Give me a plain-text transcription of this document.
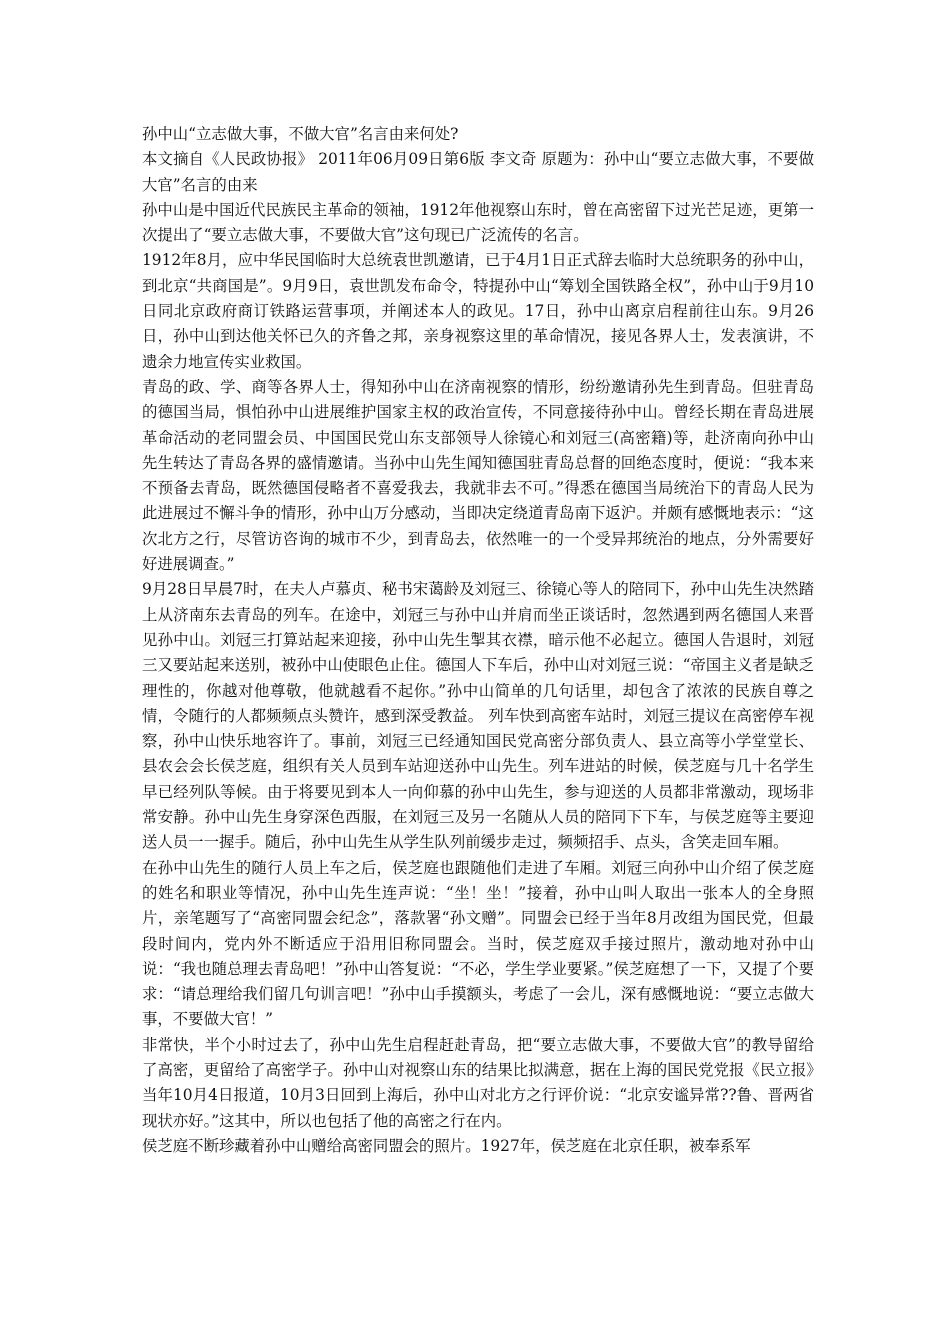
孙中山“立志做大事，不做大官”名言由来何处?

本文摘自《人民政协报》 2011年06月09日第6版 李文奇 原题为：孙中山“要立志做大事，不要做大官”名言的由来

孙中山是中国近代民族民主革命的领袖，1912年他视察山东时，曾在高密留下过光芒足迹，更第一次提出了“要立志做大事，不要做大官”这句现已广泛流传的名言。

1912年8月，应中华民国临时大总统袁世凯邀请，已于4月1日正式辞去临时大总统职务的孙中山，到北京“共商国是”。9月9日，袁世凯发布命令，特提孙中山“筹划全国铁路全权”，孙中山于9月10日同北京政府商订铁路运营事项，并阐述本人的政见。17日，孙中山离京启程前往山东。9月26日，孙中山到达他关怀已久的齐鲁之邦，亲身视察这里的革命情况，接见各界人士，发表演讲，不遗余力地宣传实业救国。

青岛的政、学、商等各界人士，得知孙中山在济南视察的情形，纷纷邀请孙先生到青岛。但驻青岛的德国当局，惧怕孙中山进展维护国家主权的政治宣传，不同意接待孙中山。曾经长期在青岛进展革命活动的老同盟会员、中国国民党山东支部领导人徐镜心和刘冠三(高密籍)等，赴济南向孙中山先生转达了青岛各界的盛情邀请。当孙中山先生闻知德国驻青岛总督的回绝态度时，便说：“我本来不预备去青岛，既然德国侵略者不喜爱我去，我就非去不可。”得悉在德国当局统治下的青岛人民为此进展过不懈斗争的情形，孙中山万分感动，当即决定绕道青岛南下返沪。并颇有感慨地表示：“这次北方之行，尽管访咨询的城市不少，到青岛去，依然唯一的一个受异邦统治的地点，分外需要好好进展调查。”

9月28日早晨7时，在夫人卢慕贞、秘书宋蔼龄及刘冠三、徐镜心等人的陪同下，孙中山先生决然踏上从济南东去青岛的列车。在途中，刘冠三与孙中山并肩而坐正谈话时，忽然遇到两名德国人来晋见孙中山。刘冠三打算站起来迎接，孙中山先生掣其衣襟，暗示他不必起立。德国人告退时，刘冠三又要站起来送别，被孙中山使眼色止住。德国人下车后，孙中山对刘冠三说：“帝国主义者是缺乏理性的，你越对他尊敬，他就越看不起你。”孙中山简单的几句话里，却包含了浓浓的民族自尊之情，令随行的人都频频点头赞许，感到深受教益。 列车快到高密车站时，刘冠三提议在高密停车视察，孙中山快乐地容许了。事前，刘冠三已经通知国民党高密分部负责人、县立高等小学堂堂长、县农会会长侯芝庭，组织有关人员到车站迎送孙中山先生。列车进站的时候，侯芝庭与几十名学生早已经列队等候。由于将要见到本人一向仰慕的孙中山先生，参与迎送的人员都非常激动，现场非常安静。孙中山先生身穿深色西服，在刘冠三及另一名随从人员的陪同下下车，与侯芝庭等主要迎送人员一一握手。随后，孙中山先生从学生队列前缓步走过，频频招手、点头，含笑走回车厢。

在孙中山先生的随行人员上车之后，侯芝庭也跟随他们走进了车厢。刘冠三向孙中山介绍了侯芝庭的姓名和职业等情况，孙中山先生连声说：“坐！坐！”接着，孙中山叫人取出一张本人的全身照片，亲笔题写了“高密同盟会纪念”，落款署“孙文赠”。同盟会已经于当年8月改组为国民党，但最段时间内，党内外不断适应于沿用旧称同盟会。当时，侯芝庭双手接过照片，激动地对孙中山说：“我也随总理去青岛吧！”孙中山答复说：“不必，学生学业要紧。”侯芝庭想了一下，又提了个要求：“请总理给我们留几句训言吧！”孙中山手摸额头，考虑了一会儿，深有感慨地说：“要立志做大事，不要做大官！”

非常快，半个小时过去了，孙中山先生启程赶赴青岛，把“要立志做大事，不要做大官”的教导留给了高密，更留给了高密学子。孙中山对视察山东的结果比拟满意，据在上海的国民党党报《民立报》当年10月4日报道，10月3日回到上海后，孙中山对北方之行评价说：“北京安谧异常??鲁、晋两省现状亦好。”这其中，所以也包括了他的高密之行在内。

侯芝庭不断珍藏着孙中山赠给高密同盟会的照片。1927年，侯芝庭在北京任职，被奉系军
